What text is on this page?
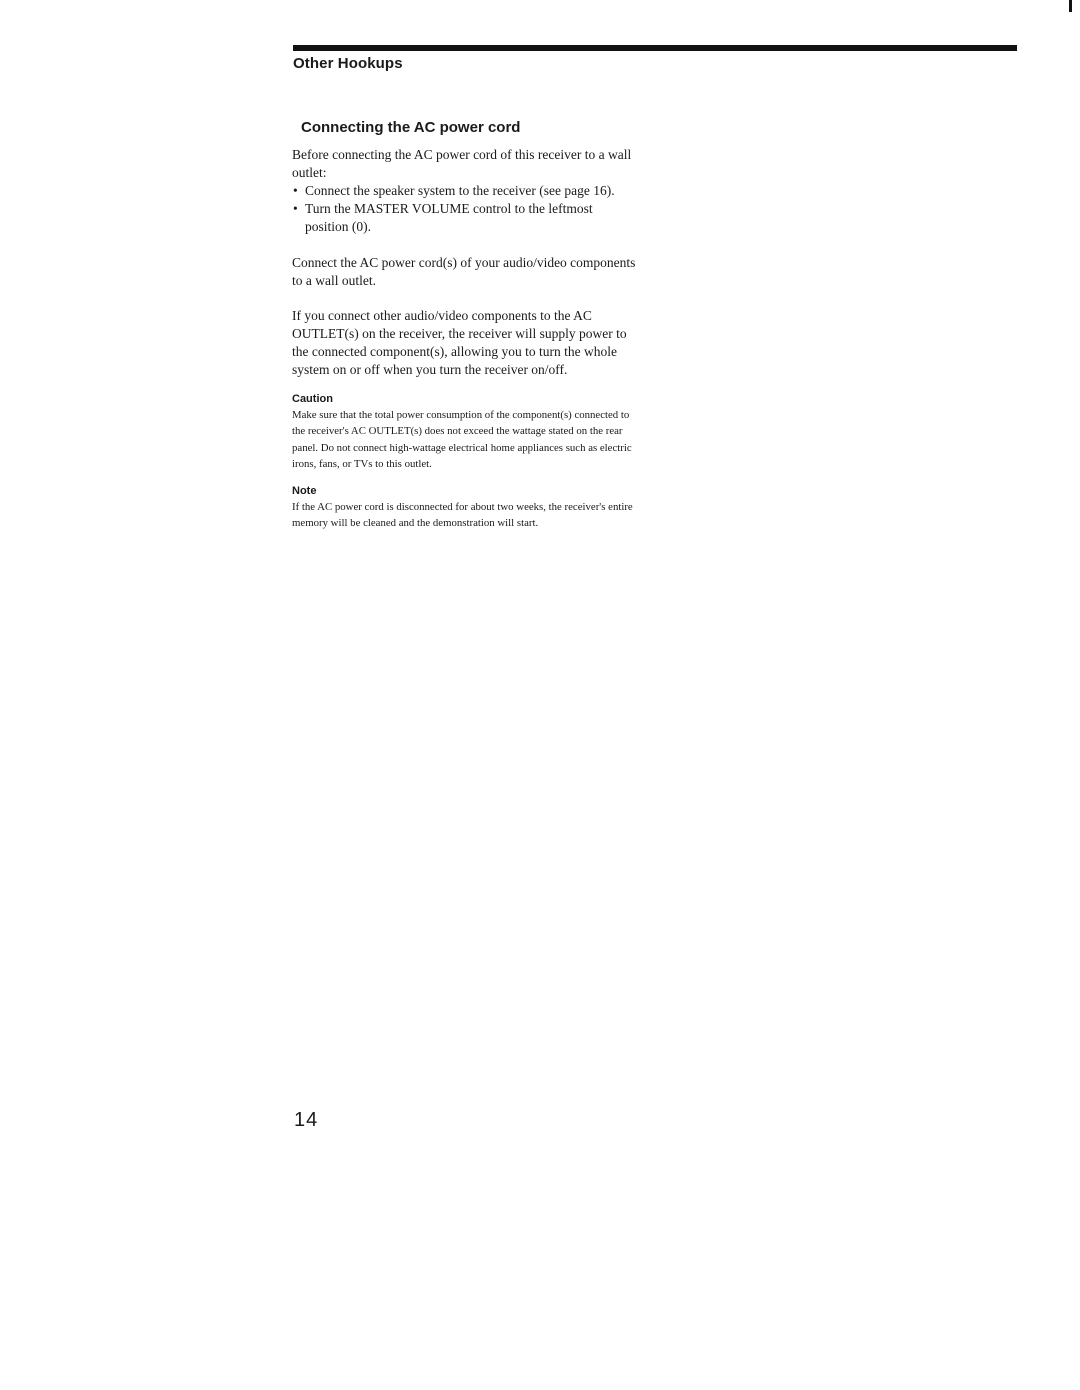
Other Hookups
Connecting the AC power cord

Before connecting the AC power cord of this receiver to a wall outlet:

• Connect the speaker system to the receiver (see page 16).
• Turn the MASTER VOLUME control to the leftmost position (0).

Connect the AC power cord(s) of your audio/video components to a wall outlet.

If you connect other audio/video components to the AC OUTLET(s) on the receiver, the receiver will supply power to the connected component(s), allowing you to turn the whole system on or off when you turn the receiver on/off.

Caution

Make sure that the total power consumption of the component(s) connected to the receiver's AC OUTLET(s) does not exceed the wattage stated on the rear panel. Do not connect high-wattage electrical home appliances such as electric irons, fans, or TVs to this outlet.

Note

If the AC power cord is disconnected for about two weeks, the receiver's entire memory will be cleaned and the demonstration will start.

14
